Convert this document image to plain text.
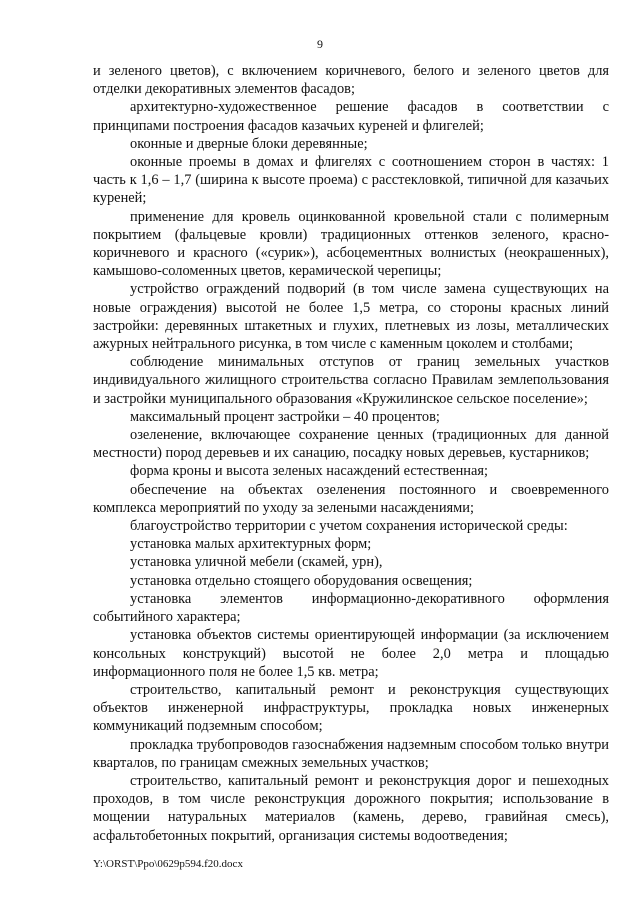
9

и зеленого цветов), с включением коричневого, белого и зеленого цветов для отделки декоративных элементов фасадов;

архитектурно-художественное решение фасадов в соответствии с принципами построения фасадов казачьих куреней и флигелей;

оконные и дверные блоки деревянные;

оконные проемы в домах и флигелях с соотношением сторон в частях: 1 часть к 1,6 – 1,7 (ширина к высоте проема) с расстекловкой, типичной для казачьих куреней;

применение для кровель оцинкованной кровельной стали с полимерным покрытием (фальцевые кровли) традиционных оттенков зеленого, красно-коричневого и красного («сурик»), асбоцементных волнистых (неокрашенных), камышово-соломенных цветов, керамической черепицы;

устройство ограждений подворий (в том числе замена существующих на новые ограждения) высотой не более 1,5 метра, со стороны красных линий застройки: деревянных штакетных и глухих, плетневых из лозы, металлических ажурных нейтрального рисунка, в том числе с каменным цоколем и столбами;

соблюдение минимальных отступов от границ земельных участков индивидуального жилищного строительства согласно Правилам землепользования и застройки муниципального образования «Кружилинское сельское поселение»;

максимальный процент застройки – 40 процентов;

озеленение, включающее сохранение ценных (традиционных для данной местности) пород деревьев и их санацию, посадку новых деревьев, кустарников;

форма кроны и высота зеленых насаждений естественная;

обеспечение на объектах озеленения постоянного и своевременного комплекса мероприятий по уходу за зелеными насаждениями;

благоустройство территории с учетом сохранения исторической среды:

установка малых архитектурных форм;

установка уличной мебели (скамей, урн),

установка отдельно стоящего оборудования освещения;

установка элементов информационно-декоративного оформления событийного характера;

установка объектов системы ориентирующей информации (за исключением консольных конструкций) высотой не более 2,0 метра и площадью информационного поля не более 1,5 кв. метра;

строительство, капитальный ремонт и реконструкция существующих объектов инженерной инфраструктуры, прокладка новых инженерных коммуникаций подземным способом;

прокладка трубопроводов газоснабжения надземным способом только внутри кварталов, по границам смежных земельных участков;

строительство, капитальный ремонт и реконструкция дорог и пешеходных проходов, в том числе реконструкция дорожного покрытия; использование в мощении натуральных материалов (камень, дерево, гравийная смесь), асфальтобетонных покрытий, организация системы водоотведения;

Y:\ORST\Ppo\0629p594.f20.docx
